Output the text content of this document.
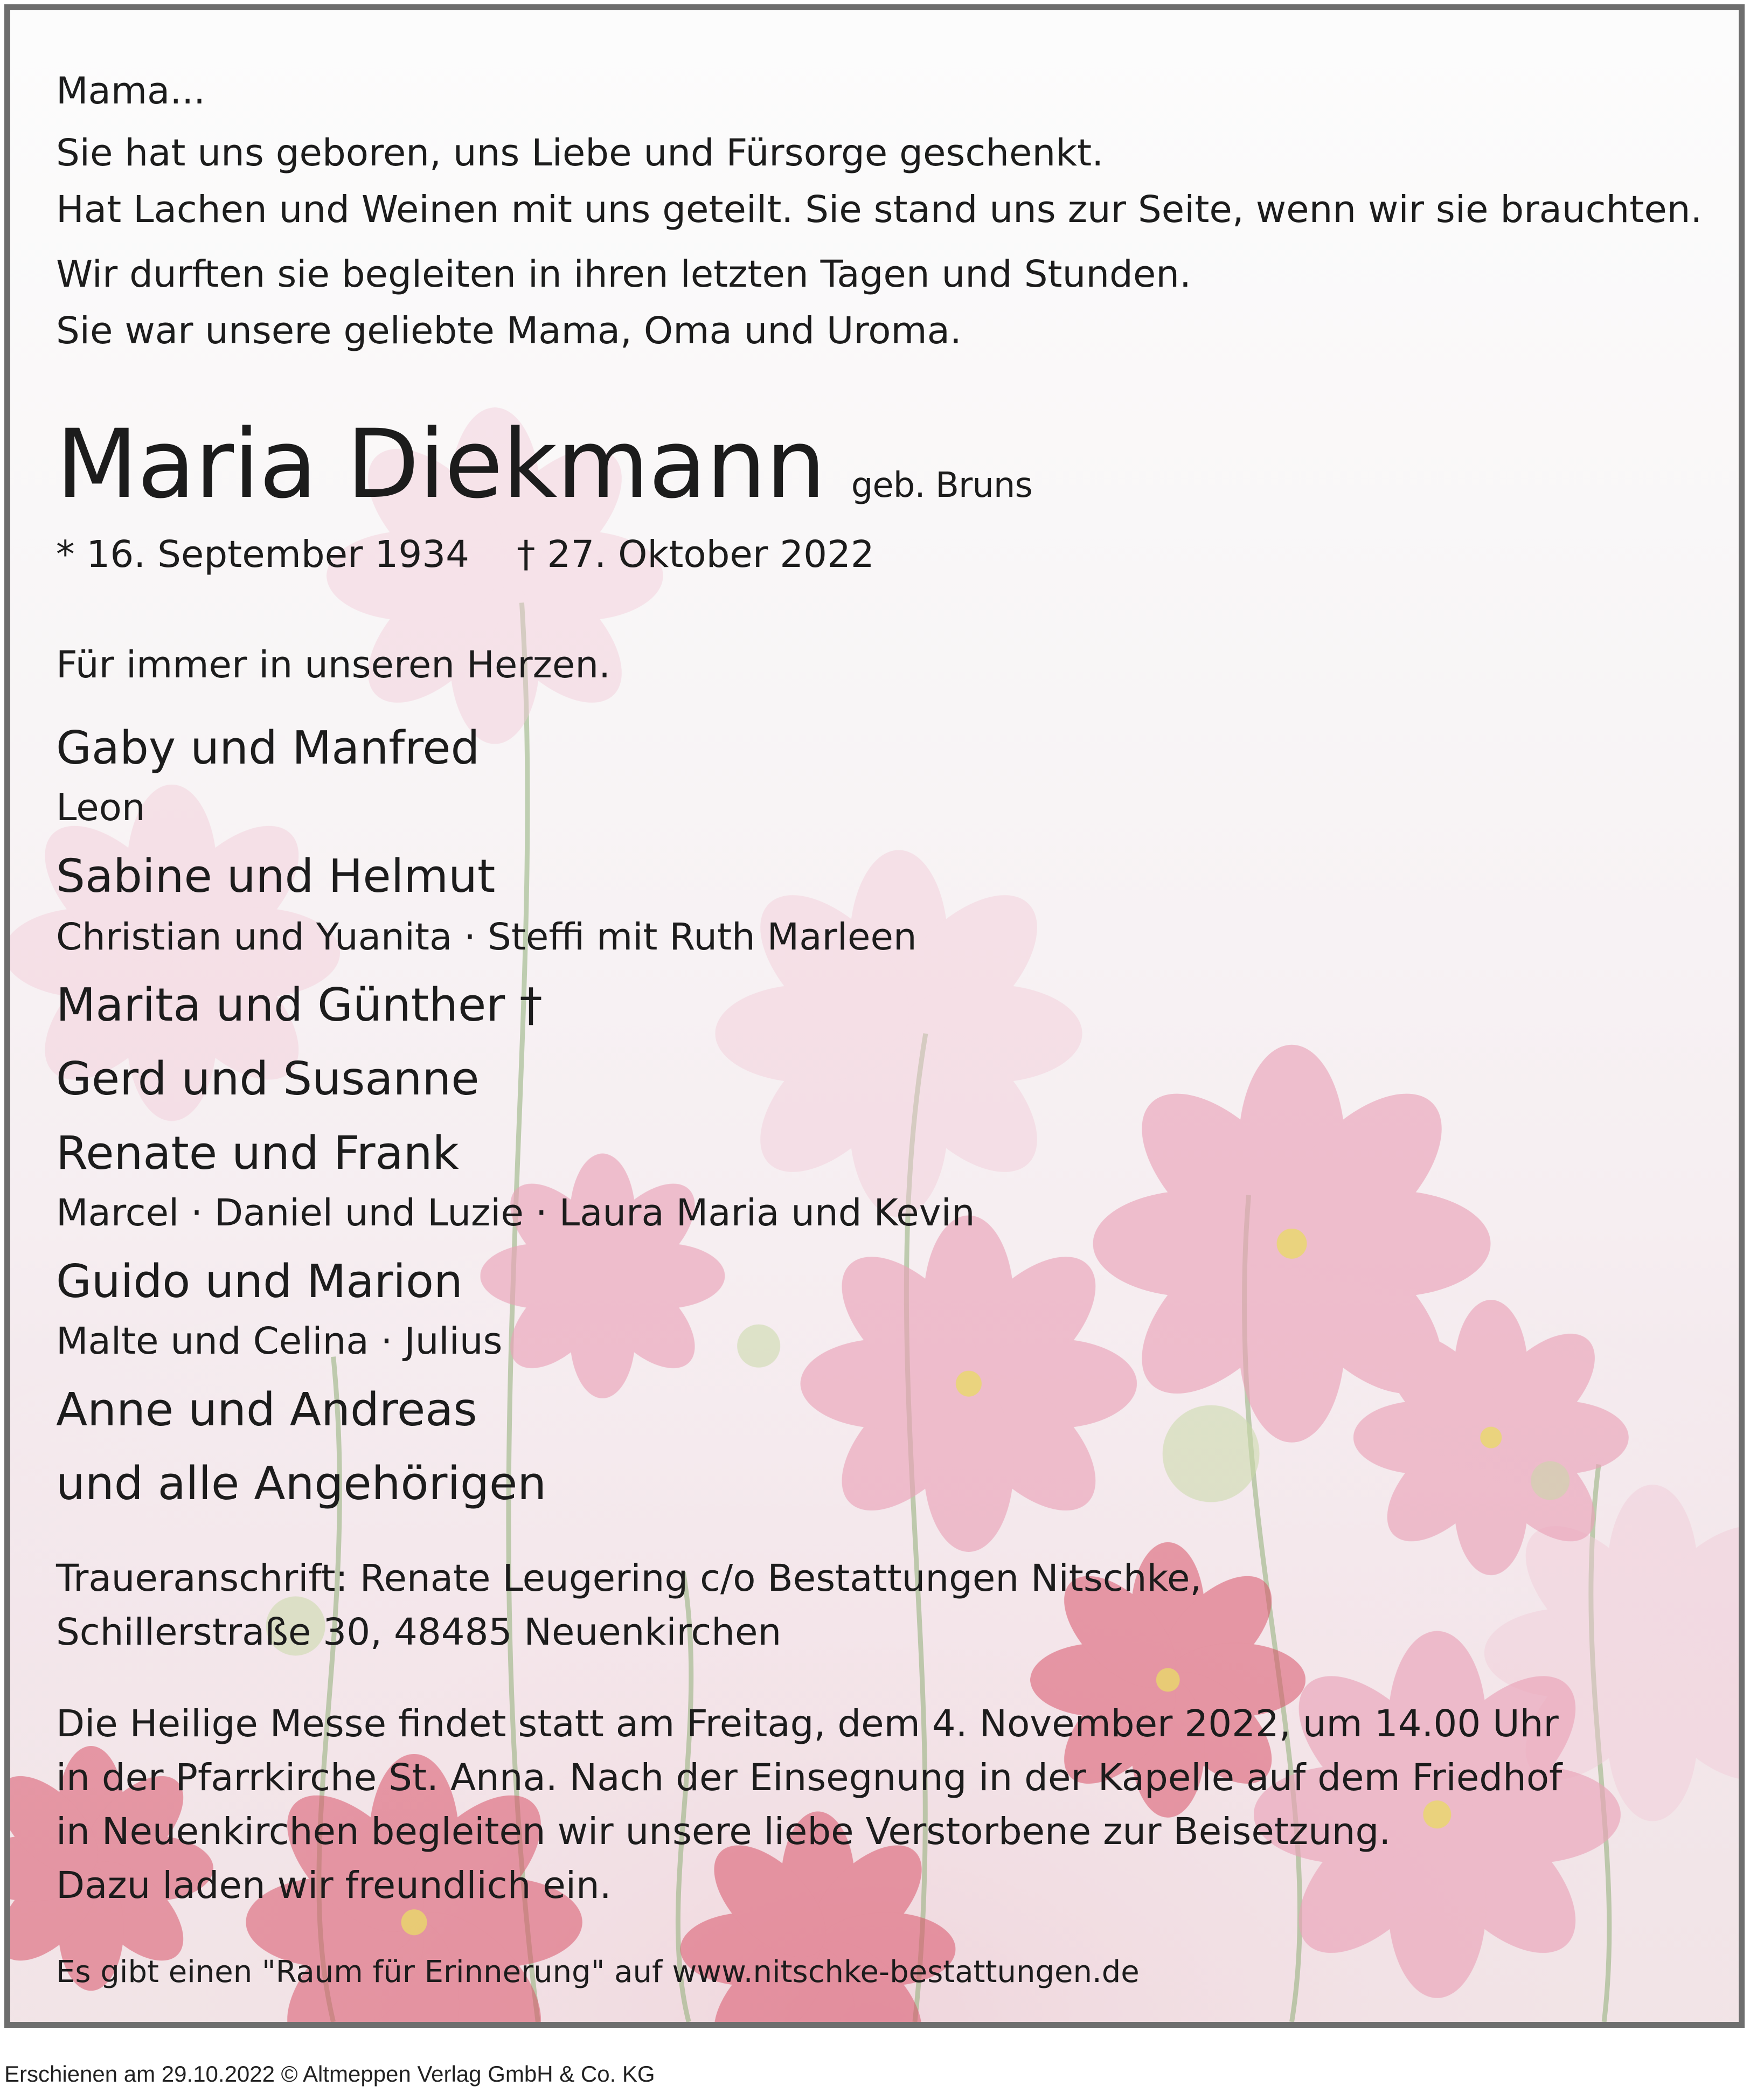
Mama...

Sie hat uns geboren, uns Liebe und Fürsorge geschenkt.

Hat Lachen und Weinen mit uns geteilt. Sie stand uns zur Seite, wenn wir sie brauchten.

Wir durften sie begleiten in ihren letzten Tagen und Stunden.

Sie war unsere geliebte Mama, Oma und Uroma.

Maria Diekmann geb. Bruns

* 16. September 1934 † 27. Oktober 2022

Für immer in unseren Herzen.

Gaby und Manfred

Leon

Sabine und Helmut

Christian und Yuanita · Steffi mit Ruth Marleen

Marita und Günther †

Gerd und Susanne

Renate und Frank

Marcel · Daniel und Luzie · Laura Maria und Kevin

Guido und Marion

Malte und Celina · Julius

Anne und Andreas

und alle Angehörigen

Traueranschrift: Renate Leugering c/o Bestattungen Nitschke,

Schillerstraße 30, 48485 Neuenkirchen

Die Heilige Messe findet statt am Freitag, dem 4. November 2022, um 14.00 Uhr

in der Pfarrkirche St. Anna. Nach der Einsegnung in der Kapelle auf dem Friedhof

in Neuenkirchen begleiten wir unsere liebe Verstorbene zur Beisetzung.

Dazu laden wir freundlich ein.

Es gibt einen "Raum für Erinnerung" auf www.nitschke-bestattungen.de

Erschienen am 29.10.2022 © Altmeppen Verlag GmbH & Co. KG
